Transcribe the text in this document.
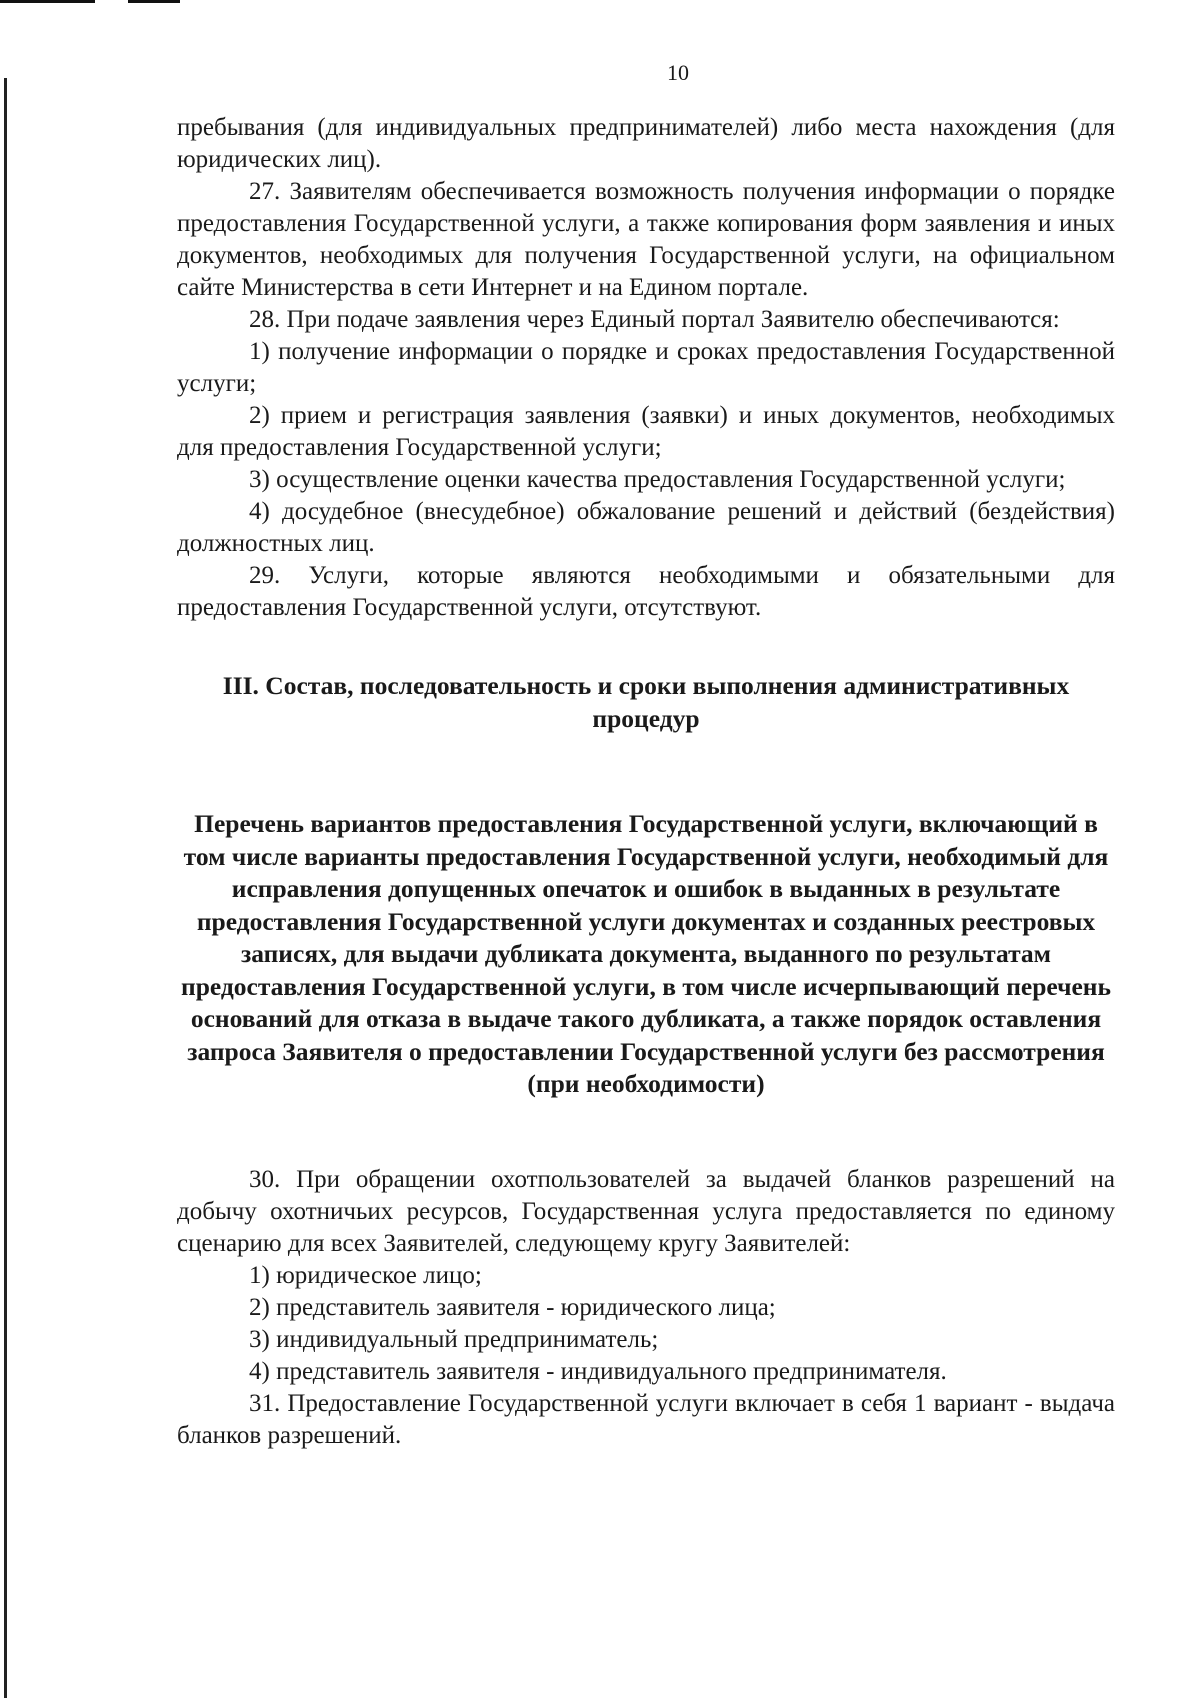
10

пребывания (для индивидуальных предпринимателей) либо места нахождения (для юридических лиц).

27. Заявителям обеспечивается возможность получения информации о порядке предоставления Государственной услуги, а также копирования форм заявления и иных документов, необходимых для получения Государственной услуги, на официальном сайте Министерства в сети Интернет и на Едином портале.

28. При подаче заявления через Единый портал Заявителю обеспечиваются:

1) получение информации о порядке и сроках предоставления Государственной услуги;

2) прием и регистрация заявления (заявки) и иных документов, необходимых для предоставления Государственной услуги;

3) осуществление оценки качества предоставления Государственной услуги;

4) досудебное (внесудебное) обжалование решений и действий (бездействия) должностных лиц.

29. Услуги, которые являются необходимыми и обязательными для предоставления Государственной услуги, отсутствуют.

III. Состав, последовательность и сроки выполнения административных процедур

Перечень вариантов предоставления Государственной услуги, включающий в том числе варианты предоставления Государственной услуги, необходимый для исправления допущенных опечаток и ошибок в выданных в результате предоставления Государственной услуги документах и созданных реестровых записях, для выдачи дубликата документа, выданного по результатам предоставления Государственной услуги, в том числе исчерпывающий перечень оснований для отказа в выдаче такого дубликата, а также порядок оставления запроса Заявителя о предоставлении Государственной услуги без рассмотрения (при необходимости)

30. При обращении охотпользователей за выдачей бланков разрешений на добычу охотничьих ресурсов, Государственная услуга предоставляется по единому сценарию для всех Заявителей, следующему кругу Заявителей:

1) юридическое лицо;

2) представитель заявителя - юридического лица;

3) индивидуальный предприниматель;

4) представитель заявителя - индивидуального предпринимателя.

31. Предоставление Государственной услуги включает в себя 1 вариант - выдача бланков разрешений.
